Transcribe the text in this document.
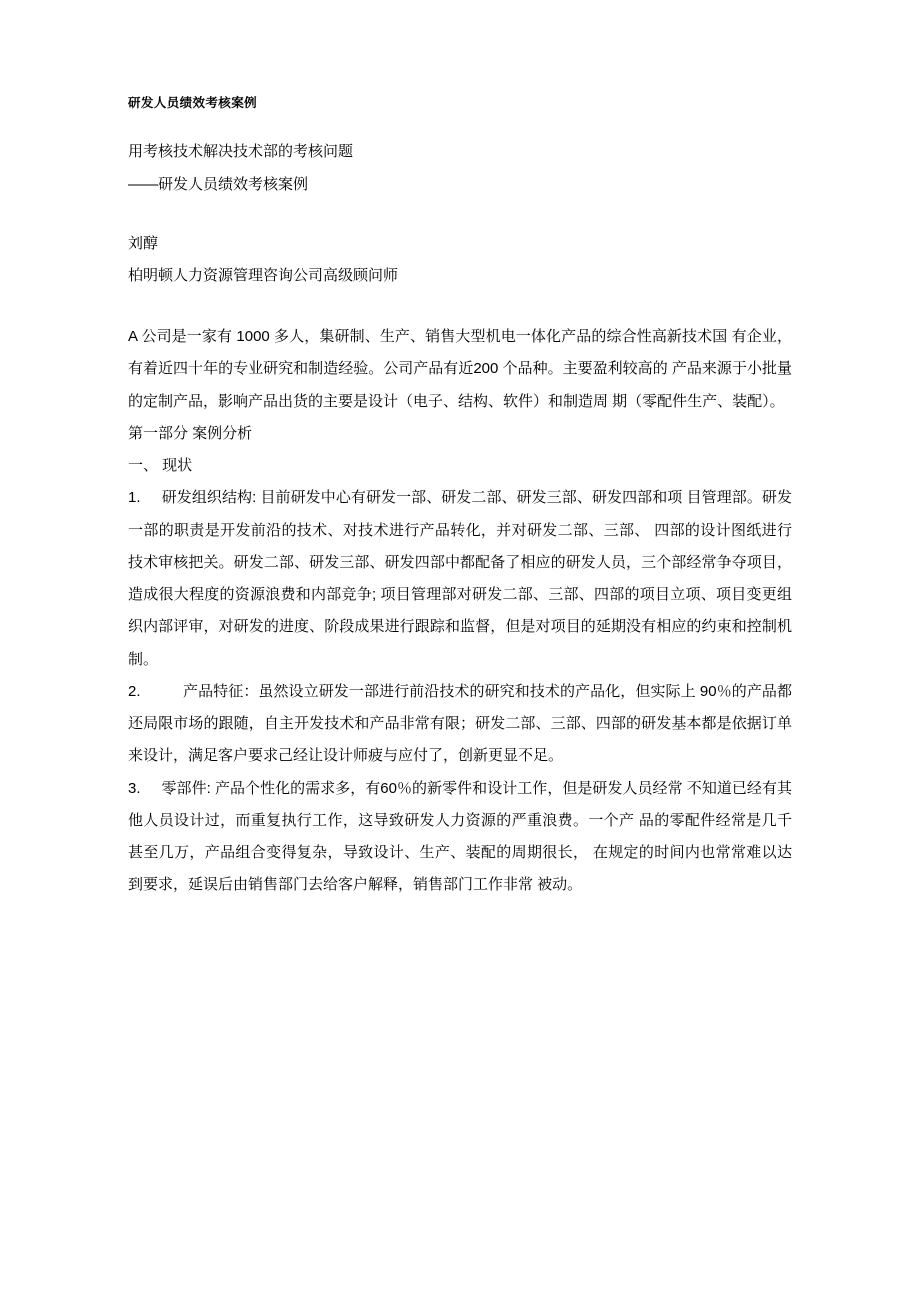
研发人员绩效考核案例
用考核技术解决技术部的考核问题
——研发人员绩效考核案例
刘醇
柏明顿人力资源管理咨询公司高级顾问师
A 公司是一家有 1000 多人，集研制、生产、销售大型机电一体化产品的综合性高新技术国 有企业，有着近四十年的专业研究和制造经验。公司产品有近200 个品种。主要盈利较高的 产品来源于小批量的定制产品，影响产品出货的主要是设计（电子、结构、软件）和制造周 期（零配件生产、装配）。
第一部分 案例分析
一、 现状
1. 研发组织结构: 目前研发中心有研发一部、研发二部、研发三部、研发四部和项 目管理部。研发一部的职责是开发前沿的技术、对技术进行产品转化，并对研发二部、三部、 四部的设计图纸进行技术审核把关。研发二部、研发三部、研发四部中都配备了相应的研发人员，三个部经常争夺项目，造成很大程度的资源浪费和内部竞争; 项目管理部对研发二部、三部、四部的项目立项、项目变更组织内部评审，对研发的进度、阶段成果进行跟踪和监督，但是对项目的延期没有相应的约束和控制机制。
2.	产品特征：虽然设立研发一部进行前沿技术的研究和技术的产品化，但实际上 90％的产品都还局限市场的跟随，自主开发技术和产品非常有限；研发二部、三部、四部的研发基本都是依据订单来设计，满足客户要求己经让设计师疲与应付了，创新更显不足。
3. 零部件: 产品个性化的需求多，有60％的新零件和设计工作，但是研发人员经常 不知道已经有其他人员设计过，而重复执行工作，这导致研发人力资源的严重浪费。一个产 品的零配件经常是几千甚至几万，产品组合变得复杂，导致设计、生产、装配的周期很长， 在规定的时间内也常常难以达到要求，延误后由销售部门去给客户解释，销售部门工作非常 被动。
